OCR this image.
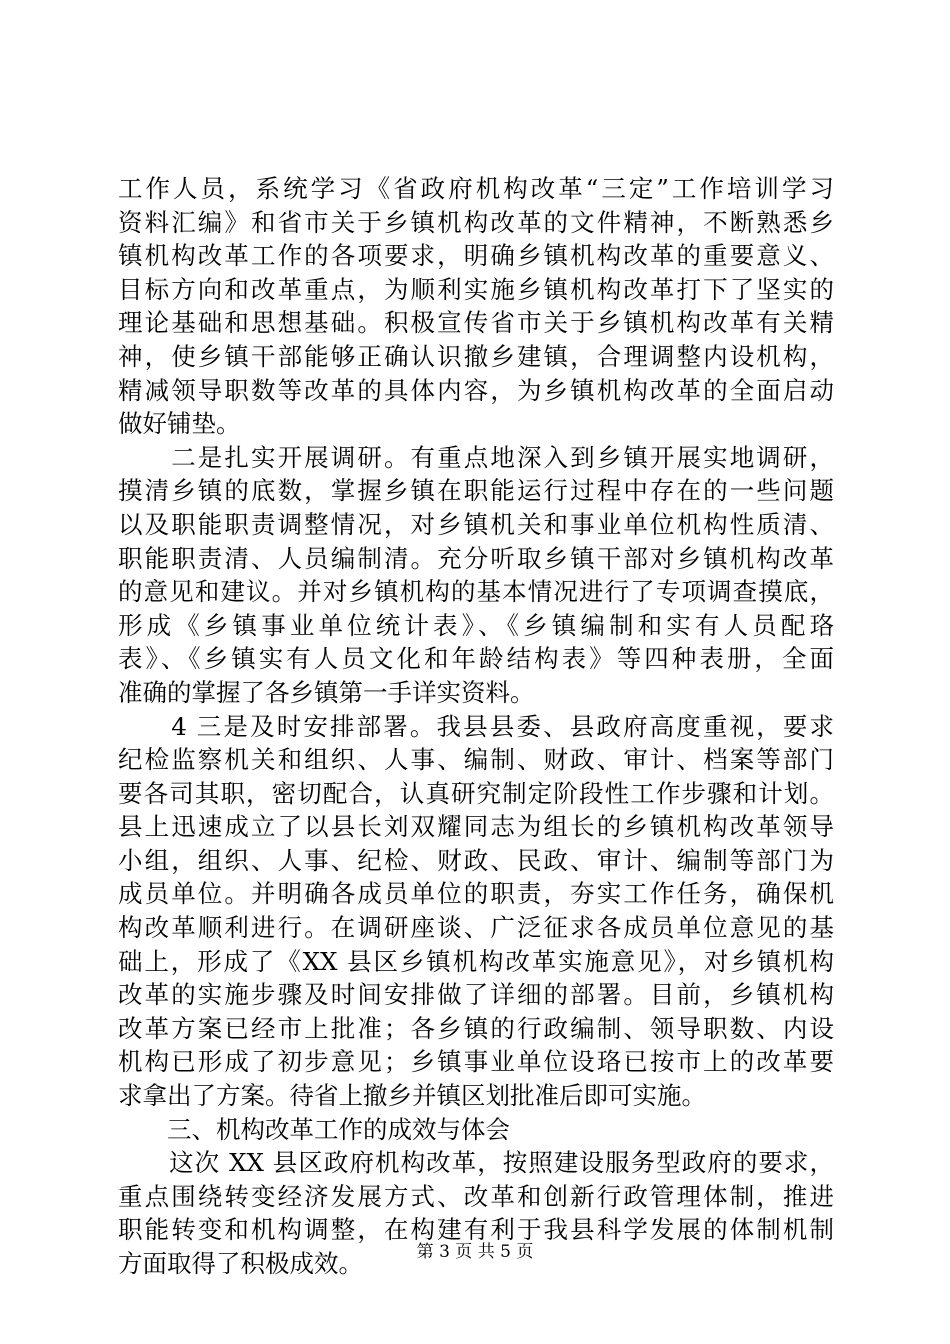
工作人员，系统学习《省政府机构改革“三定”工作培训学习
资料汇编》和省市关于乡镇机构改革的文件精神，不断熟悉乡
镇机构改革工作的各项要求，明确乡镇机构改革的重要意义、
目标方向和改革重点，为顺利实施乡镇机构改革打下了坚实的
理论基础和思想基础。积极宣传省市关于乡镇机构改革有关精
神，使乡镇干部能够正确认识撤乡建镇，合理调整内设机构，
精减领导职数等改革的具体内容，为乡镇机构改革的全面启动
做好铺垫。
　　二是扎实开展调研。有重点地深入到乡镇开展实地调研，
摸清乡镇的底数，掌握乡镇在职能运行过程中存在的一些问题
以及职能职责调整情况，对乡镇机关和事业单位机构性质清、
职能职责清、人员编制清。充分听取乡镇干部对乡镇机构改革
的意见和建议。并对乡镇机构的基本情况进行了专项调查摸底，
形成《乡镇事业单位统计表》、《乡镇编制和实有人员配珞
表》、《乡镇实有人员文化和年龄结构表》等四种表册，全面
准确的掌握了各乡镇第一手详实资料。
　　4 三是及时安排部署。我县县委、县政府高度重视，要求
纪检监察机关和组织、人事、编制、财政、审计、档案等部门
要各司其职，密切配合，认真研究制定阶段性工作步骤和计划。
县上迅速成立了以县长刘双耀同志为组长的乡镇机构改革领导
小组，组织、人事、纪检、财政、民政、审计、编制等部门为
成员单位。并明确各成员单位的职责，夯实工作任务，确保机
构改革顺利进行。在调研座谈、广泛征求各成员单位意见的基
础上，形成了《XX 县区乡镇机构改革实施意见》，对乡镇机构
改革的实施步骤及时间安排做了详细的部署。目前，乡镇机构
改革方案已经市上批准；各乡镇的行政编制、领导职数、内设
机构已形成了初步意见；乡镇事业单位设珞已按市上的改革要
求拿出了方案。待省上撤乡并镇区划批准后即可实施。
　　三、机构改革工作的成效与体会
　　这次 XX 县区政府机构改革，按照建设服务型政府的要求，
重点围绕转变经济发展方式、改革和创新行政管理体制，推进
职能转变和机构调整，在构建有利于我县科学发展的体制机制
方面取得了积极成效。	第 3 页 共 5 页
